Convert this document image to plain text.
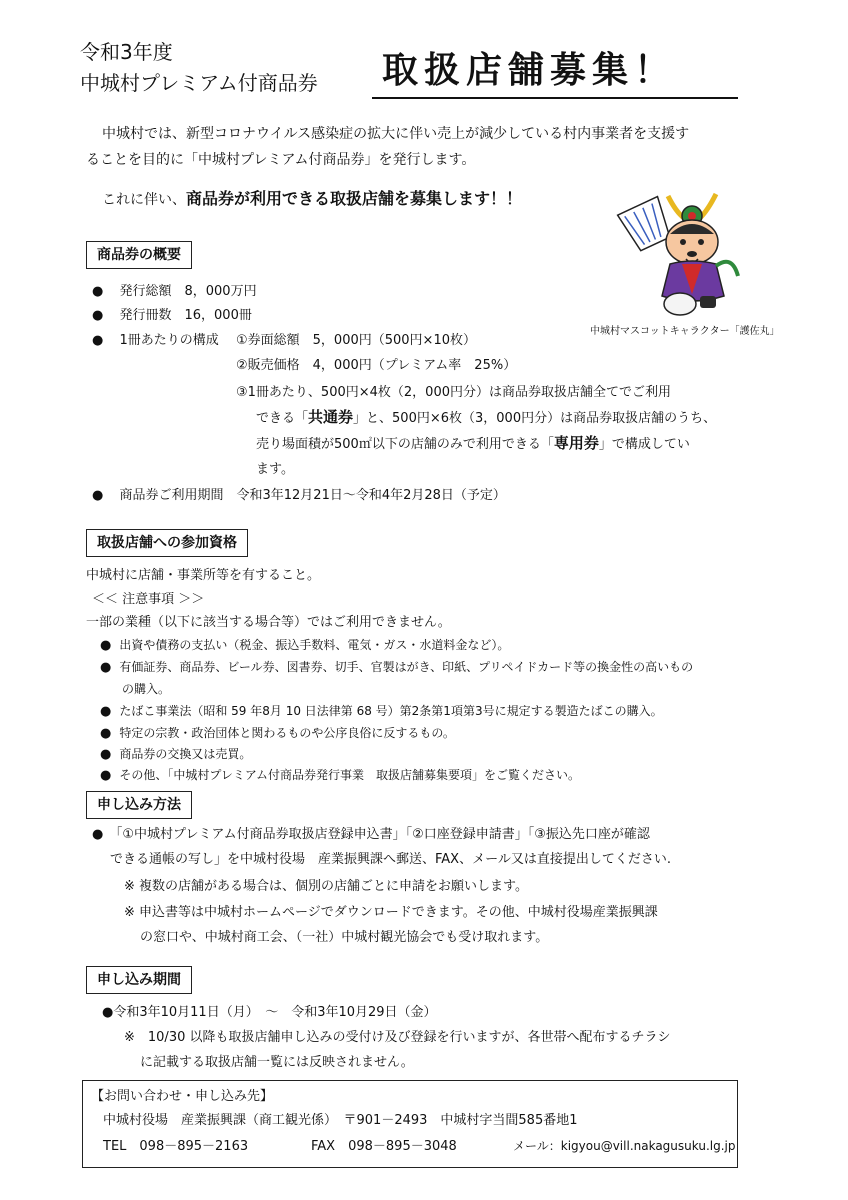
令和3年度
中城村プレミアム付商品券 取扱店舗募集！
中城村では、新型コロナウイルス感染症の拡大に伴い売上が減少している村内事業者を支援す
ることを目的に「中城村プレミアム付商品券」を発行します。
これに伴い、商品券が利用できる取扱店舗を募集します！！
中城村マスコットキャラクター「護佐丸」
商品券の概要
● 発行総額　8，000万円
● 発行冊数　16，000冊
● 1冊あたりの構成 ①券面総額　5，000円（500円×10枚）
②販売価格　4，000円（プレミアム率　25%）
③1冊あたり、500円×4枚（2，000円分）は商品券取扱店舗全てでご利用
できる「共通券」と、500円×6枚（3，000円分）は商品券取扱店舗のうち、
売り場面積が500㎡以下の店舗のみで利用できる「専用券」で構成してい
ます。
● 商品券ご利用期間　令和3年12月21日～令和4年2月28日（予定）
取扱店舗への参加資格
中城村に店舗・事業所等を有すること。
＜＜ 注意事項 ＞＞
一部の業種（以下に該当する場合等）ではご利用できません。
● 出資や債務の支払い（税金、振込手数料、電気・ガス・水道料金など）。
● 有価証券、商品券、ビール券、図書券、切手、官製はがき、印紙、プリペイドカード等の換金性の高いもの
の購入。
● たばこ事業法（昭和 59 年8月 10 日法律第 68 号）第2条第1項第3号に規定する製造たばこの購入。
● 特定の宗教・政治団体と関わるものや公序良俗に反するもの。
● 商品券の交換又は売買。
● その他、「中城村プレミアム付商品券発行事業　取扱店舗募集要項」をご覧ください。
申し込み方法
● 「①中城村プレミアム付商品券取扱店登録申込書」「②口座登録申請書」「③振込先口座が確認
できる通帳の写し」を中城村役場　産業振興課へ郵送、FAX、メール又は直接提出してください.
※ 複数の店舗がある場合は、個別の店舗ごとに申請をお願いします。
※ 申込書等は中城村ホームページでダウンロードできます。その他、中城村役場産業振興課
の窓口や、中城村商工会、（一社）中城村観光協会でも受け取れます。
申し込み期間
●令和3年10月11日（月）　～　令和3年10月29日（金）
※　10/30 以降も取扱店舗申し込みの受付け及び登録を行いますが、各世帯へ配布するチラシ
に記載する取扱店舗一覧には反映されません。
【お問い合わせ・申し込み先】
中城村役場　産業振興課（商工観光係）　〒901－2493　中城村字当間585番地1
TEL　098－895－2163	FAX　098－895－3048	メール：kigyou@vill.nakagusuku.lg.jp
